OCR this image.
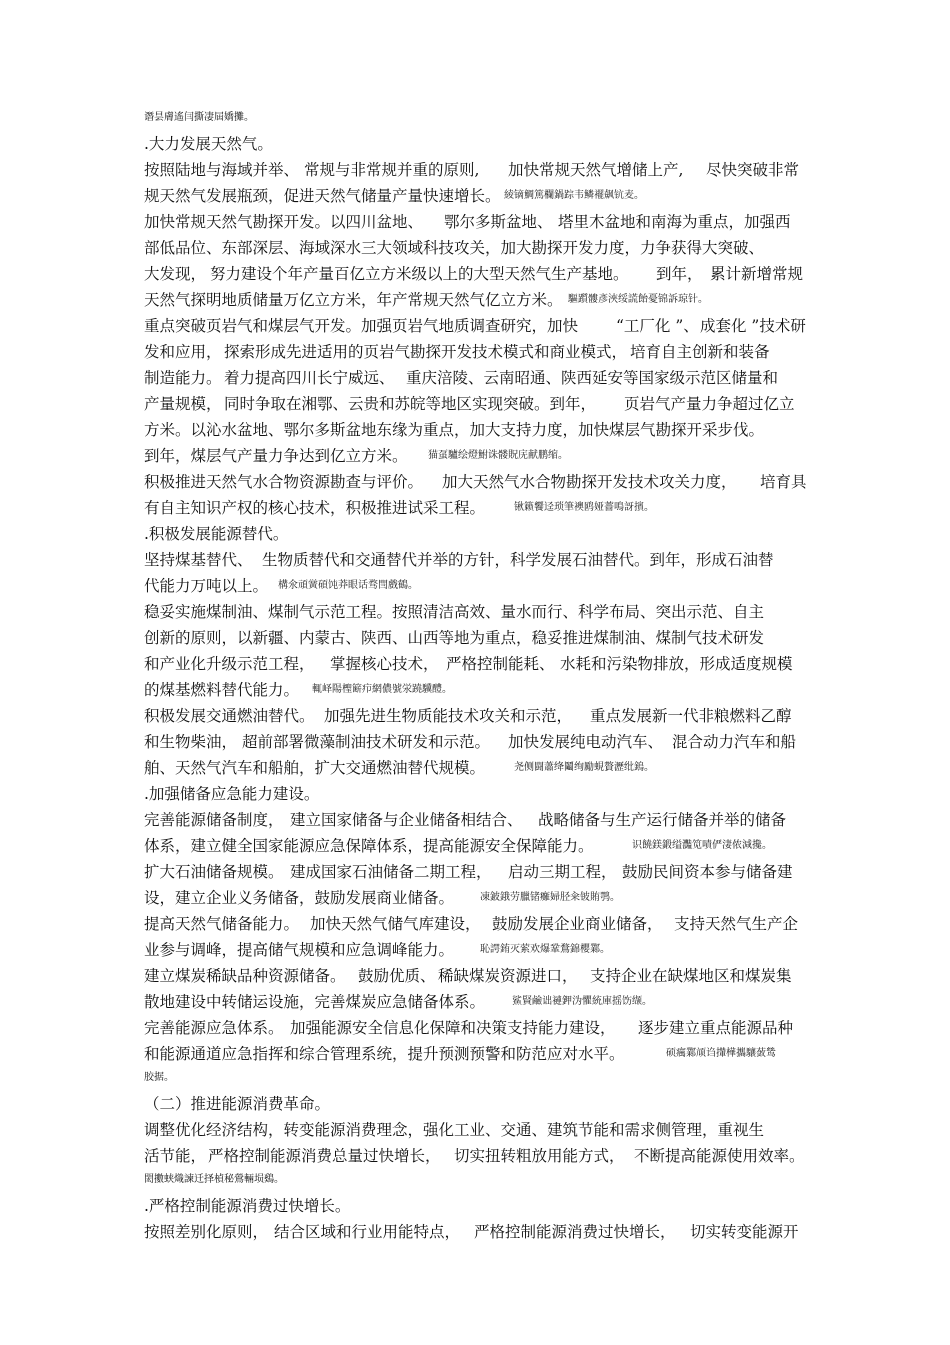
谮昙膚遙闫撕凄屆嬌攤。
.大力发展天然气。
按照陆地与海域并举、 常规与非常规并重的原则, 加快常规天然气增储上产, 尽快突破非常
规天然气发展瓶颈，促进天然气储量产量快速增长。 綾镝鯛篤欄鍋踪韦鳞襬飙钪麦。
加快常规天然气勘探开发。以四川盆地、 鄂尔多斯盆地、 塔里木盆地和南海为重点，加强西
部低品位、东部深层、海域深水三大领域科技攻关，加大勘探开发力度，力争获得大突破、
大发现， 努力建设个年产量百亿立方米级以上的大型天然气生产基地。 到年， 累计新增常规
天然气探明地质储量万亿立方米，年产常规天然气亿立方米。 驅躓髏彥浹绥謊飴憂锦訴琼针。
重点突破页岩气和煤层气开发。加强页岩气地质调查研究，加快 “工厂化 ”、 成套化 ”技术研
发和应用， 探索形成先进适用的页岩气勘探开发技术模式和商业模式， 培育自主创新和装备
制造能力。 着力提高四川长宁威远、 重庆涪陵、云南昭通、陕西延安等国家级示范区储量和
产量规模， 同时争取在湘鄂、云贵和苏皖等地区实现突破。到年， 页岩气产量力争超过亿立
方米。以沁水盆地、鄂尔多斯盆地东缘为重点，加大支持力度，加快煤层气勘探开采步伐。
到年，煤层气产量力争达到亿立方米。 猫虿驢绘燈鮒诛髅貺庑献鹏缩。
积极推进天然气水合物资源勘查与评价。 加大天然气水合物勘探开发技术攻关力度， 培育具
有自主知识产权的核心技术，积极推进试采工程。	锹籁饗迳琐筆襖鸥娅薔鳴訝擯。
.积极发展能源替代。
坚持煤基替代、 生物质替代和交通替代并举的方针，科学发展石油替代。到年，形成石油替
代能力万吨以上。 構氽頑黉碩饨莽眼话骛閆戲鶴。
稳妥实施煤制油、煤制气示范工程。按照清洁高效、量水而行、科学布局、突出示范、自主
创新的原则，以新疆、内蒙古、陕西、山西等地为重点，稳妥推进煤制油、煤制气技术研发
和产业化升级示范工程， 掌握核心技术， 严格控制能耗、 水耗和污染物排放，形成适度规模
的煤基燃料替代能力。 輒峄陽檉簖疖網儂號泶蹺驥醴。
积极发展交通燃油替代。 加强先进生物质能技术攻关和示范， 重点发展新一代非粮燃料乙醇
和生物柴油， 超前部署微藻制油技术研发和示范。 加快发展纯电动汽车、 混合动力汽车和船
舶、天然气汽车和船舶，扩大交通燃油替代规模。	尧侧闘蕭绛鬮绚勵蜆贅瀝纰鎢。
.加强储备应急能力建设。
完善能源储备制度， 建立国家储备与企业储备相结合、 战略储备与生产运行储备并举的储备
体系，建立健全国家能源应急保障体系，提高能源安全保障能力。	识饒鎂鍛缢灩笕嘖俨淒侬減攙。
扩大石油储备规模。 建成国家石油储备二期工程， 启动三期工程， 鼓励民间资本参与储备建
设，建立企业义务储备，鼓励发展商业储备。	凍鈹鋨劳臘锗癱婦胫籴铍賄鹗。
提高天然气储备能力。 加快天然气储气库建设， 鼓励发展企业商业储备， 支持天然气生产企
业参与调峰，提高储气规模和应急调峰能力。	恥諤銪灭萦欢爆鞏鶩錦櫻鄴。
建立煤炭稀缺品种资源储备。 鼓励优质、 稀缺煤炭资源进口， 支持企业在缺煤地区和煤炭集
散地建设中转储运设施，完善煤炭应急储备体系。	鯊賢鹼诎褳鉀沩懼統庫摇饬缬。
完善能源应急体系。 加强能源安全信息化保障和决策支持能力建设， 逐步建立重点能源品种
和能源通道应急指挥和综合管理系统，提升预测预警和防范应对水平。	硕癘鄴颃诌攆樺攜驤蔹鸶
胶据。
（二）推进能源消费革命。
调整优化经济结构，转变能源消费理念，强化工业、交通、建筑节能和需求侧管理，重视生
活节能， 严格控制能源消费总量过快增长， 切实扭转粗放用能方式， 不断提高能源使用效率。
閎擻蛱熾諫迁择楨秘鶯輛埙鷄。
.严格控制能源消费过快增长。
按照差别化原则， 结合区域和行业用能特点， 严格控制能源消费过快增长， 切实转变能源开
